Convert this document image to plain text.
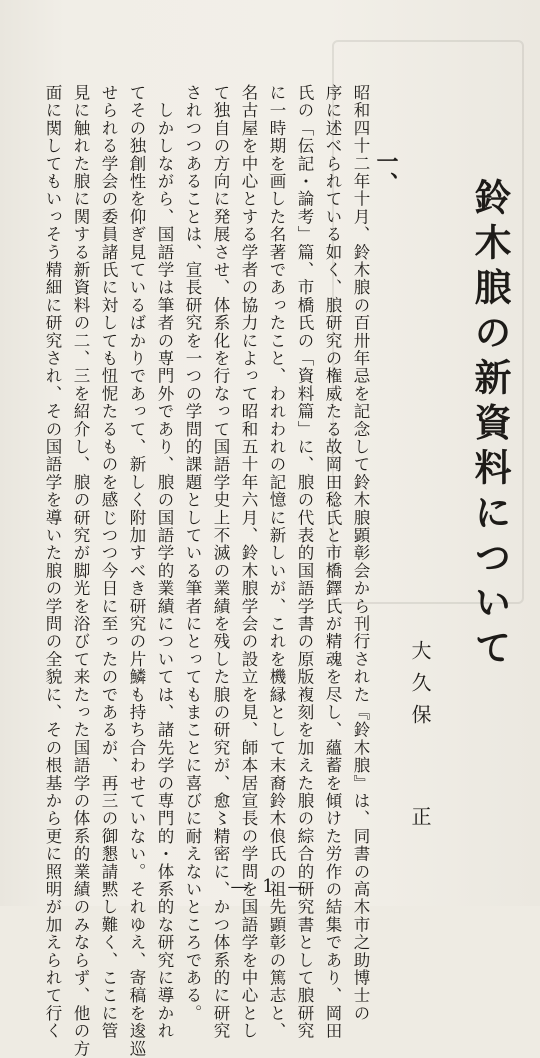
鈴木朖の新資料について
大久保正
一、
昭和四十二年十月、鈴木朖の百卅年忌を記念して鈴木朖顕彰会から刊行された『鈴木朖』は、同書の高木市之助博士の
序に述べられている如く、朖研究の権威たる故岡田稔氏と市橋鐸氏が精魂を尽し、蘊蓄を傾けた労作の結集であり、岡田
氏の「伝記・論考」篇、市橋氏の「資料篇」に、朖の代表的国語学書の原版複刻を加えた朖の綜合的研究書として朖研究
に一時期を画した名著であったこと、われわれの記憶に新しいが、これを機縁として末裔鈴木俍氏の祖先顕彰の篤志と、
名古屋を中心とする学者の協力によって昭和五十年六月、鈴木朖学会の設立を見、師本居宣長の学問を国語学を中心とし
て独自の方向に発展させ、体系化を行なって国語学史上不滅の業績を残した朖の研究が、愈〻精密に、かつ体系的に研究
されつつあることは、宣長研究を一つの学問的課題としている筆者にとってもまことに喜びに耐えないところである。
　しかしながら、国語学は筆者の専門外であり、朖の国語学的業績については、諸先学の専門的・体系的な研究に導かれ
てその独創性を仰ぎ見ているばかりであって、新しく附加すべき研究の片鱗も持ち合わせていない。それゆえ、寄稿を逡巡
せられる学会の委員諸氏に対しても忸怩たるものを感じつつ今日に至ったのであるが、再三の御懇請黙し難く、ここに管
見に触れた朖に関する新資料の二、三を紹介し、朖の研究が脚光を浴びて来たった国語学の体系的業績のみならず、他の方
面に関してもいっそう精細に研究され、その国語学を導いた朖の学問の全貌に、その根基から更に照明が加えられて行く	— 1 —
